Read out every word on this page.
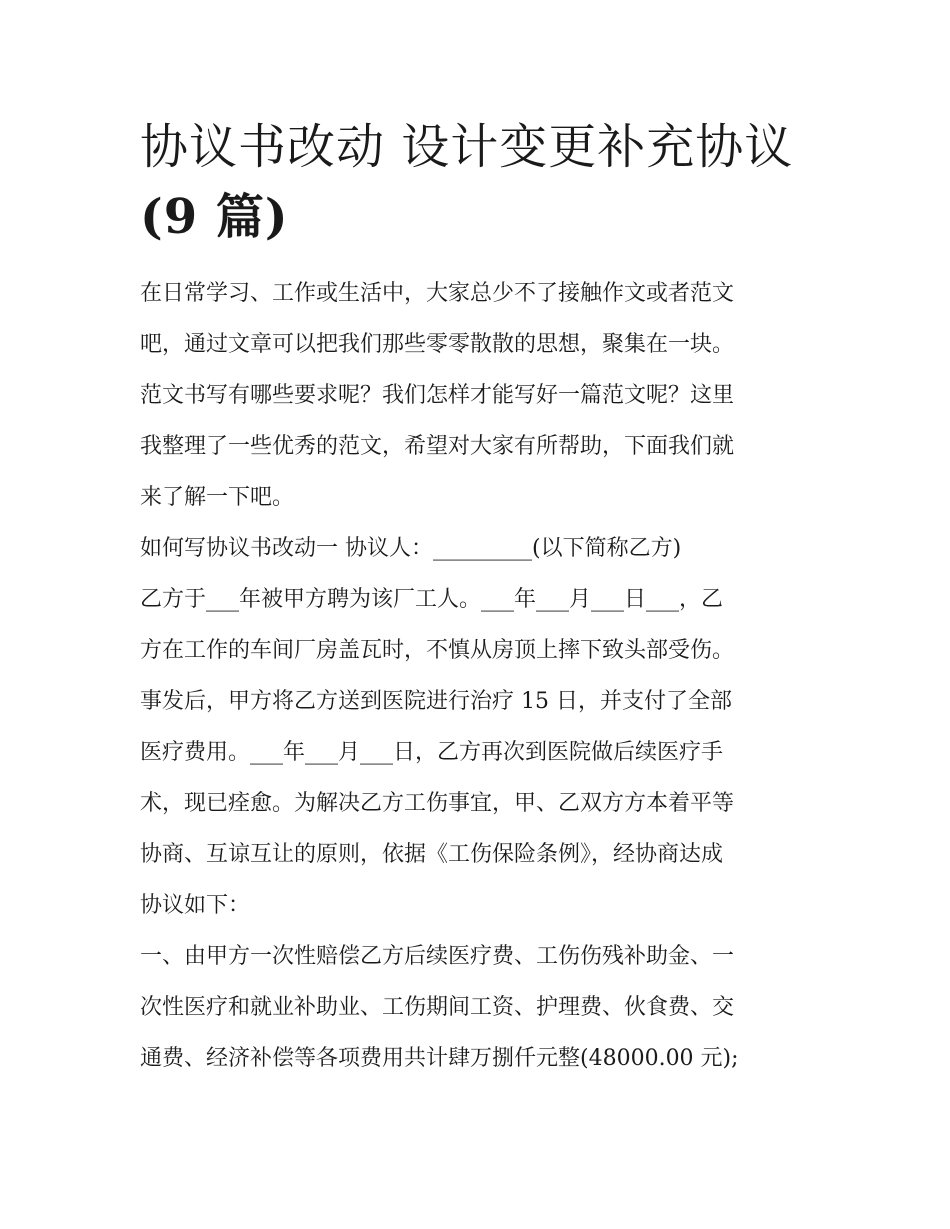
协议书改动 设计变更补充协议
(9 篇)

在日常学习、工作或生活中，大家总少不了接触作文或者范文
吧，通过文章可以把我们那些零零散散的思想，聚集在一块。
范文书写有哪些要求呢？我们怎样才能写好一篇范文呢？这里
我整理了一些优秀的范文，希望对大家有所帮助，下面我们就
来了解一下吧。

如何写协议书改动一 协议人：_________(以下简称乙方)

乙方于___年被甲方聘为该厂工人。___年___月___日___，乙
方在工作的车间厂房盖瓦时，不慎从房顶上摔下致头部受伤。
事发后，甲方将乙方送到医院进行治疗 15 日，并支付了全部
医疗费用。___年___月___日，乙方再次到医院做后续医疗手
术，现已痊愈。为解决乙方工伤事宜，甲、乙双方方本着平等
协商、互谅互让的原则，依据《工伤保险条例》，经协商达成
协议如下：

一、由甲方一次性赔偿乙方后续医疗费、工伤伤残补助金、一
次性医疗和就业补助业、工伤期间工资、护理费、伙食费、交
通费、经济补偿等各项费用共计肆万捌仟元整(48000.00 元);
